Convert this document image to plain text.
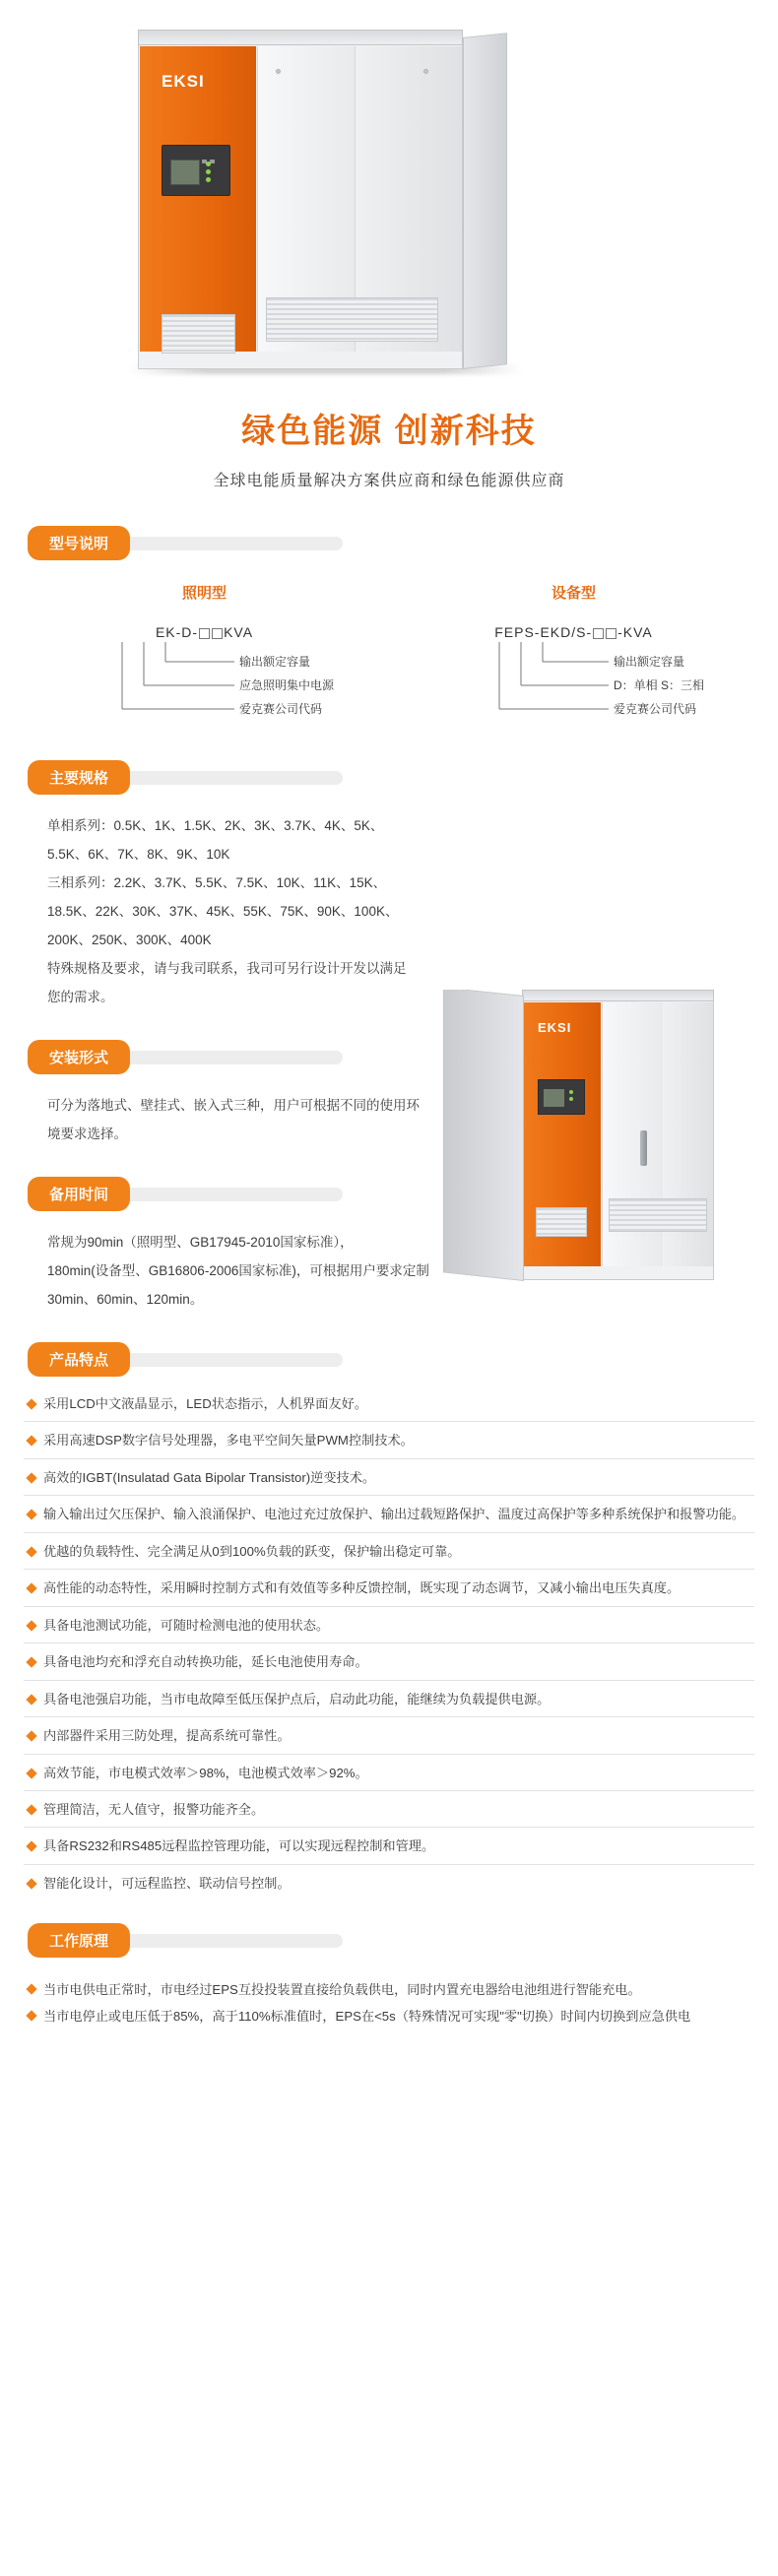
EKSI
绿色能源 创新科技
全球电能质量解决方案供应商和绿色能源供应商
型号说明
照明型
EK-D- KVA
输出额定容量
应急照明集中电源
爱克赛公司代码
设备型
FEPS-EKD/S- -KVA
输出额定容量
D：单相 S：三相
爱克赛公司代码
主要规格

单相系列：0.5K、1K、1.5K、2K、3K、3.7K、4K、5K、

5.5K、6K、7K、8K、9K、10K

三相系列：2.2K、3.7K、5.5K、7.5K、10K、11K、15K、

18.5K、22K、30K、37K、45K、55K、75K、90K、100K、

200K、250K、300K、400K

特殊规格及要求，请与我司联系，我司可另行设计开发以满足

您的需求。

安装形式

可分为落地式、壁挂式、嵌入式三种，用户可根据不同的使用环

境要求选择。

备用时间

常规为90min（照明型、GB17945-2010国家标准），

180min(设备型、GB16806-2006国家标准)，可根据用户要求定制

30min、60min、120min。

EKSI
产品特点
采用LCD中文液晶显示，LED状态指示，人机界面友好。
采用高速DSP数字信号处理器，多电平空间矢量PWM控制技术。
高效的IGBT(Insulatad Gata Bipolar Transistor)逆变技术。
输入输出过欠压保护、输入浪涌保护、电池过充过放保护、输出过载短路保护、温度过高保护等多种系统保护和报警功能。
优越的负载特性、完全满足从0到100%负载的跃变，保护输出稳定可靠。
高性能的动态特性，采用瞬时控制方式和有效值等多种反馈控制，既实现了动态调节，又减小输出电压失真度。
具备电池测试功能，可随时检测电池的使用状态。
具备电池均充和浮充自动转换功能，延长电池使用寿命。
具备电池强启功能，当市电故障至低压保护点后，启动此功能，能继续为负载提供电源。
内部器件采用三防处理，提高系统可靠性。
高效节能，市电模式效率＞98%，电池模式效率＞92%。
管理简洁，无人值守，报警功能齐全。
具备RS232和RS485远程监控管理功能，可以实现远程控制和管理。
智能化设计，可远程监控、联动信号控制。
工作原理
当市电供电正常时，市电经过EPS互投投装置直接给负载供电，同时内置充电器给电池组进行智能充电。
当市电停止或电压低于85%，高于110%标准值时，EPS在<5s（特殊情况可实现"零"切换）时间内切换到应急供电
